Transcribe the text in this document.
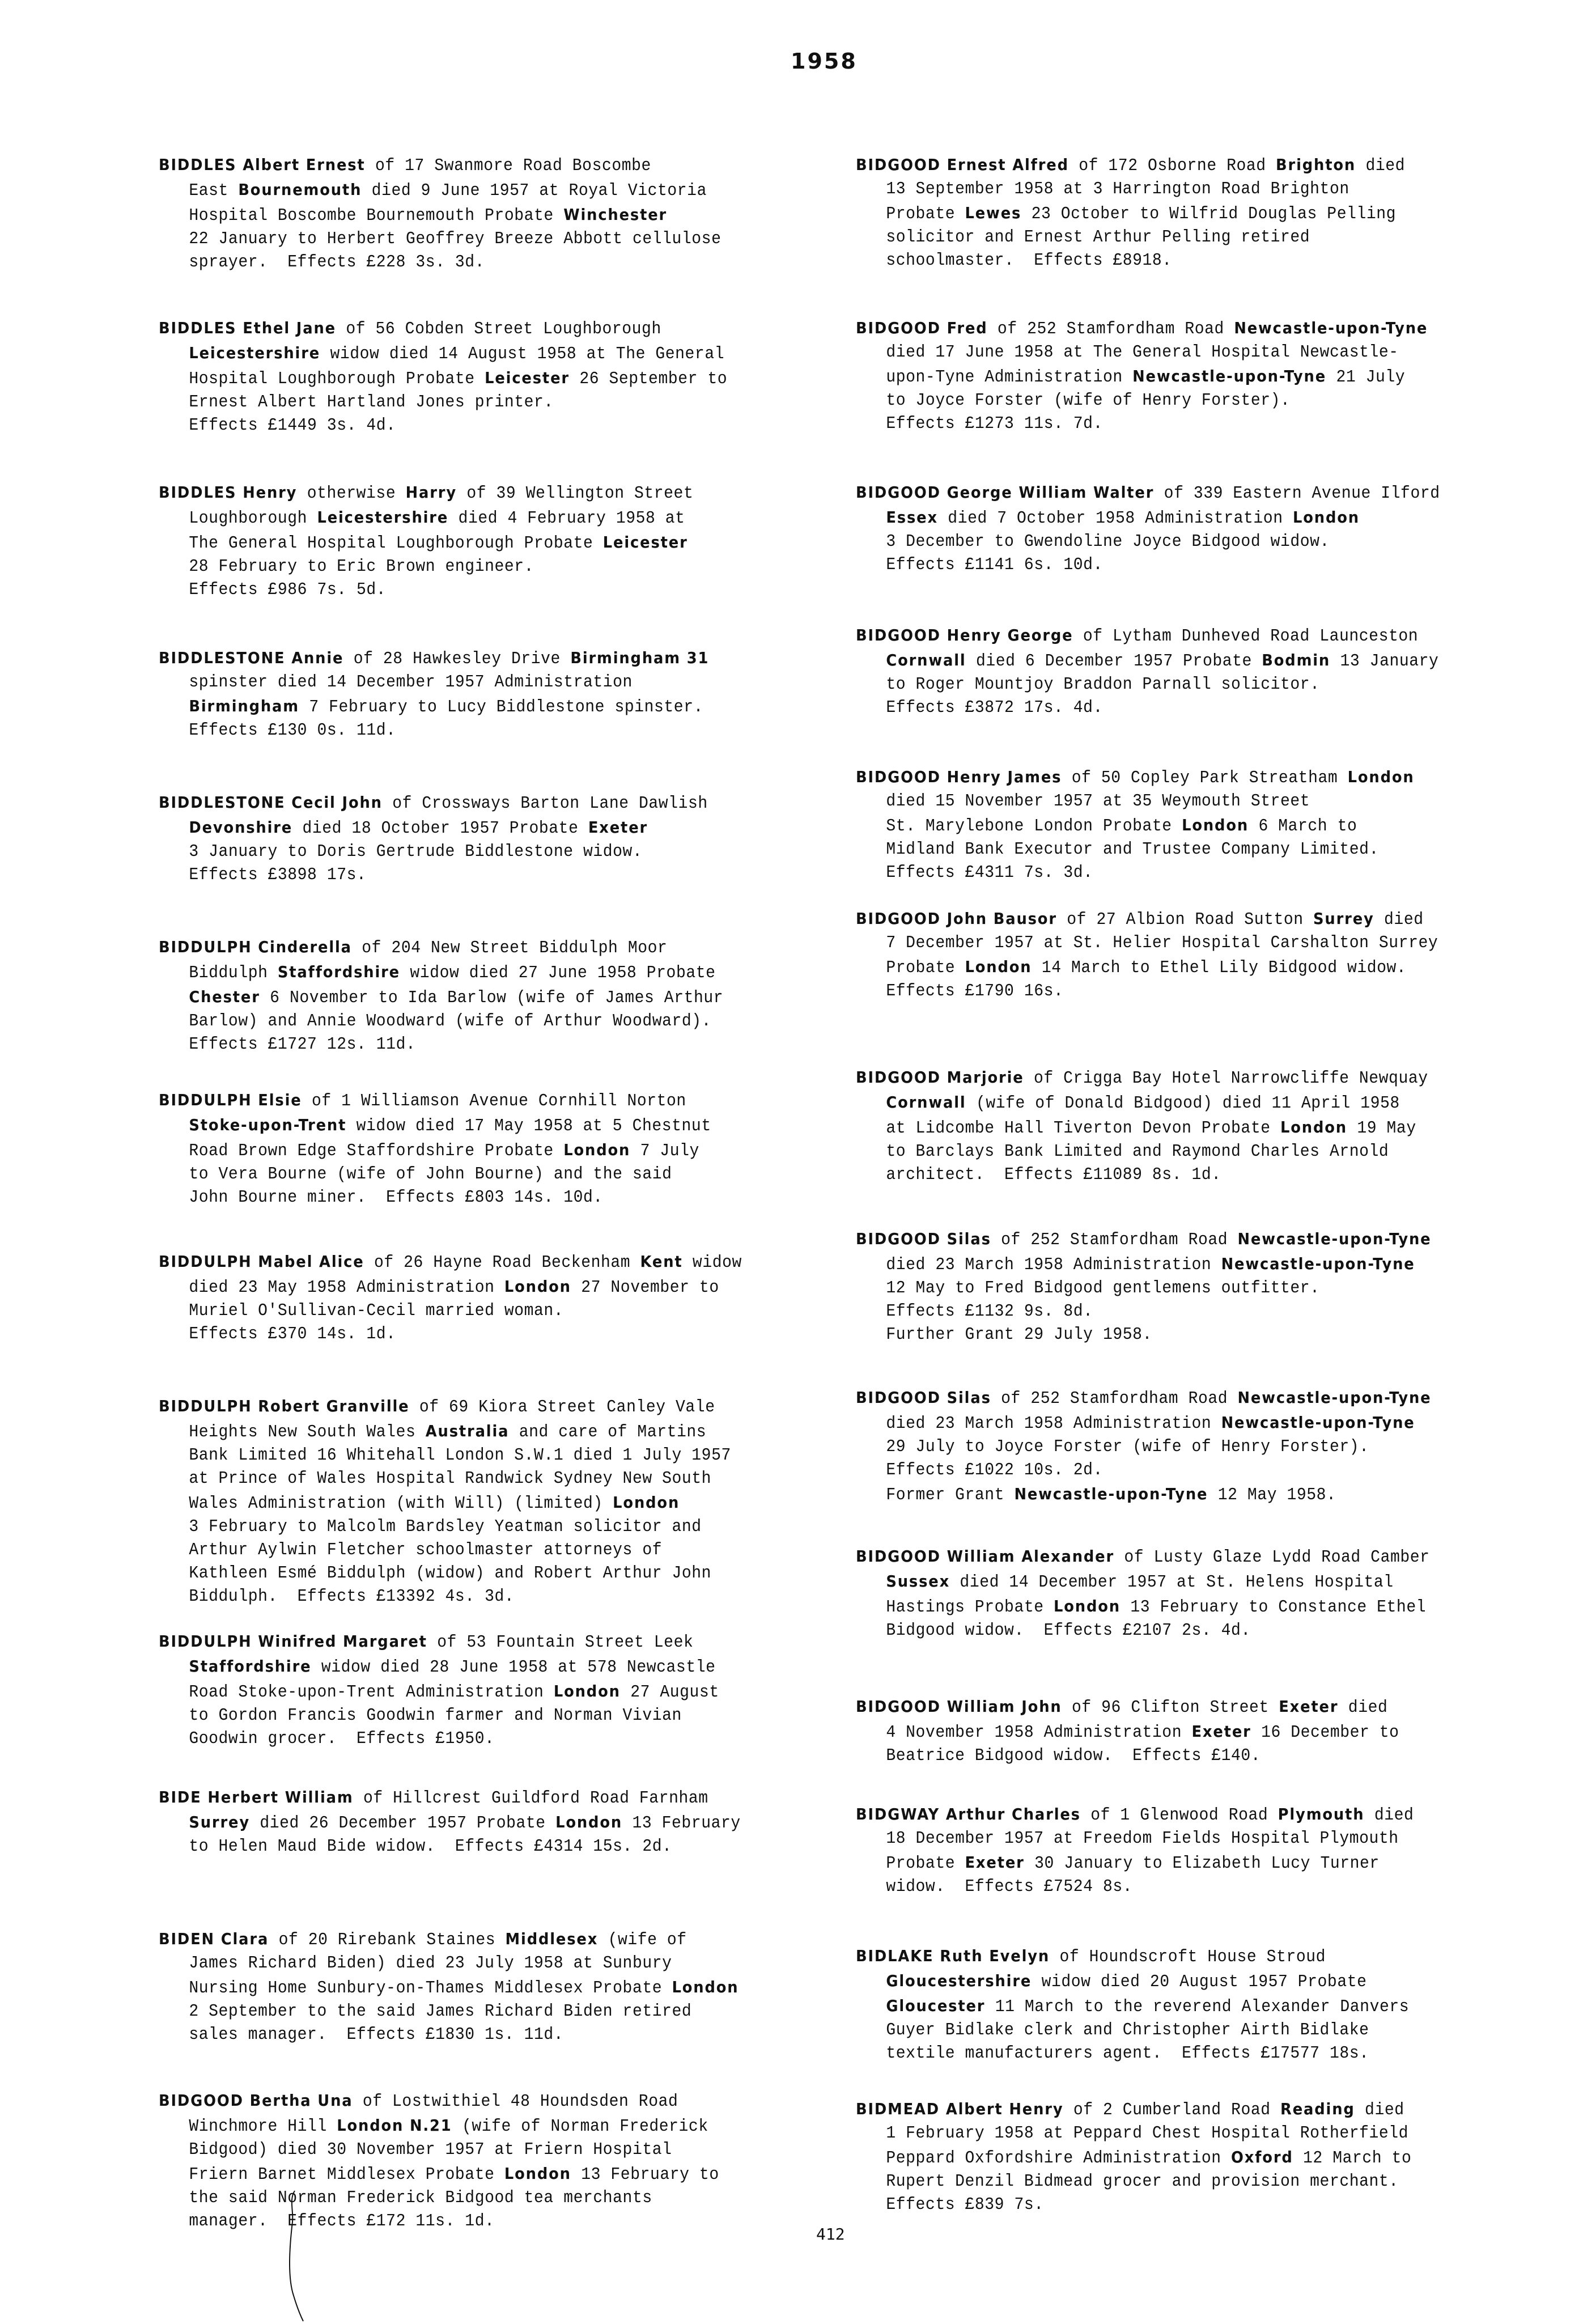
1958
BIDDLES Albert Ernest of 17 Swanmore Road Boscombe
East Bournemouth died 9 June 1957 at Royal Victoria
Hospital Boscombe Bournemouth Probate Winchester
22 January to Herbert Geoffrey Breeze Abbott cellulose
sprayer.  Effects £228 3s. 3d.
BIDDLES Ethel Jane of 56 Cobden Street Loughborough
Leicestershire widow died 14 August 1958 at The General
Hospital Loughborough Probate Leicester 26 September to
Ernest Albert Hartland Jones printer.
Effects £1449 3s. 4d.
BIDDLES Henry otherwise Harry of 39 Wellington Street
Loughborough Leicestershire died 4 February 1958 at
The General Hospital Loughborough Probate Leicester
28 February to Eric Brown engineer.
Effects £986 7s. 5d.
BIDDLESTONE Annie of 28 Hawkesley Drive Birmingham 31
spinster died 14 December 1957 Administration
Birmingham 7 February to Lucy Biddlestone spinster.
Effects £130 0s. 11d.
BIDDLESTONE Cecil John of Crossways Barton Lane Dawlish
Devonshire died 18 October 1957 Probate Exeter
3 January to Doris Gertrude Biddlestone widow.
Effects £3898 17s.
BIDDULPH Cinderella of 204 New Street Biddulph Moor
Biddulph Staffordshire widow died 27 June 1958 Probate
Chester 6 November to Ida Barlow (wife of James Arthur
Barlow) and Annie Woodward (wife of Arthur Woodward).
Effects £1727 12s. 11d.
BIDDULPH Elsie of 1 Williamson Avenue Cornhill Norton
Stoke-upon-Trent widow died 17 May 1958 at 5 Chestnut
Road Brown Edge Staffordshire Probate London 7 July
to Vera Bourne (wife of John Bourne) and the said
John Bourne miner.  Effects £803 14s. 10d.
BIDDULPH Mabel Alice of 26 Hayne Road Beckenham Kent widow
died 23 May 1958 Administration London 27 November to
Muriel O'Sullivan-Cecil married woman.
Effects £370 14s. 1d.
BIDDULPH Robert Granville of 69 Kiora Street Canley Vale
Heights New South Wales Australia and care of Martins
Bank Limited 16 Whitehall London S.W.1 died 1 July 1957
at Prince of Wales Hospital Randwick Sydney New South
Wales Administration (with Will) (limited) London
3 February to Malcolm Bardsley Yeatman solicitor and
Arthur Aylwin Fletcher schoolmaster attorneys of
Kathleen Esmé Biddulph (widow) and Robert Arthur John
Biddulph.  Effects £13392 4s. 3d.
BIDDULPH Winifred Margaret of 53 Fountain Street Leek
Staffordshire widow died 28 June 1958 at 578 Newcastle
Road Stoke-upon-Trent Administration London 27 August
to Gordon Francis Goodwin farmer and Norman Vivian
Goodwin grocer.  Effects £1950.
BIDE Herbert William of Hillcrest Guildford Road Farnham
Surrey died 26 December 1957 Probate London 13 February
to Helen Maud Bide widow.  Effects £4314 15s. 2d.
BIDEN Clara of 20 Rirebank Staines Middlesex (wife of
James Richard Biden) died 23 July 1958 at Sunbury
Nursing Home Sunbury-on-Thames Middlesex Probate London
2 September to the said James Richard Biden retired
sales manager.  Effects £1830 1s. 11d.
BIDGOOD Bertha Una of Lostwithiel 48 Houndsden Road
Winchmore Hill London N.21 (wife of Norman Frederick
Bidgood) died 30 November 1957 at Friern Hospital
Friern Barnet Middlesex Probate London 13 February to
the said Norman Frederick Bidgood tea merchants
manager.  Effects £172 11s. 1d.
BIDGOOD Ernest Alfred of 172 Osborne Road Brighton died
13 September 1958 at 3 Harrington Road Brighton
Probate Lewes 23 October to Wilfrid Douglas Pelling
solicitor and Ernest Arthur Pelling retired
schoolmaster.  Effects £8918.
BIDGOOD Fred of 252 Stamfordham Road Newcastle-upon-Tyne
died 17 June 1958 at The General Hospital Newcastle-
upon-Tyne Administration Newcastle-upon-Tyne 21 July
to Joyce Forster (wife of Henry Forster).
Effects £1273 11s. 7d.
BIDGOOD George William Walter of 339 Eastern Avenue Ilford
Essex died 7 October 1958 Administration London
3 December to Gwendoline Joyce Bidgood widow.
Effects £1141 6s. 10d.
BIDGOOD Henry George of Lytham Dunheved Road Launceston
Cornwall died 6 December 1957 Probate Bodmin 13 January
to Roger Mountjoy Braddon Parnall solicitor.
Effects £3872 17s. 4d.
BIDGOOD Henry James of 50 Copley Park Streatham London
died 15 November 1957 at 35 Weymouth Street
St. Marylebone London Probate London 6 March to
Midland Bank Executor and Trustee Company Limited.
Effects £4311 7s. 3d.
BIDGOOD John Bausor of 27 Albion Road Sutton Surrey died
7 December 1957 at St. Helier Hospital Carshalton Surrey
Probate London 14 March to Ethel Lily Bidgood widow.
Effects £1790 16s.
BIDGOOD Marjorie of Crigga Bay Hotel Narrowcliffe Newquay
Cornwall (wife of Donald Bidgood) died 11 April 1958
at Lidcombe Hall Tiverton Devon Probate London 19 May
to Barclays Bank Limited and Raymond Charles Arnold
architect.  Effects £11089 8s. 1d.
BIDGOOD Silas of 252 Stamfordham Road Newcastle-upon-Tyne
died 23 March 1958 Administration Newcastle-upon-Tyne
12 May to Fred Bidgood gentlemens outfitter.
Effects £1132 9s. 8d.
Further Grant 29 July 1958.
BIDGOOD Silas of 252 Stamfordham Road Newcastle-upon-Tyne
died 23 March 1958 Administration Newcastle-upon-Tyne
29 July to Joyce Forster (wife of Henry Forster).
Effects £1022 10s. 2d.
Former Grant Newcastle-upon-Tyne 12 May 1958.
BIDGOOD William Alexander of Lusty Glaze Lydd Road Camber
Sussex died 14 December 1957 at St. Helens Hospital
Hastings Probate London 13 February to Constance Ethel
Bidgood widow.  Effects £2107 2s. 4d.
BIDGOOD William John of 96 Clifton Street Exeter died
4 November 1958 Administration Exeter 16 December to
Beatrice Bidgood widow.  Effects £140.
BIDGWAY Arthur Charles of 1 Glenwood Road Plymouth died
18 December 1957 at Freedom Fields Hospital Plymouth
Probate Exeter 30 January to Elizabeth Lucy Turner
widow.  Effects £7524 8s.
BIDLAKE Ruth Evelyn of Houndscroft House Stroud
Gloucestershire widow died 20 August 1957 Probate
Gloucester 11 March to the reverend Alexander Danvers
Guyer Bidlake clerk and Christopher Airth Bidlake
textile manufacturers agent.  Effects £17577 18s.
BIDMEAD Albert Henry of 2 Cumberland Road Reading died
1 February 1958 at Peppard Chest Hospital Rotherfield
Peppard Oxfordshire Administration Oxford 12 March to
Rupert Denzil Bidmead grocer and provision merchant.
Effects £839 7s.
412
